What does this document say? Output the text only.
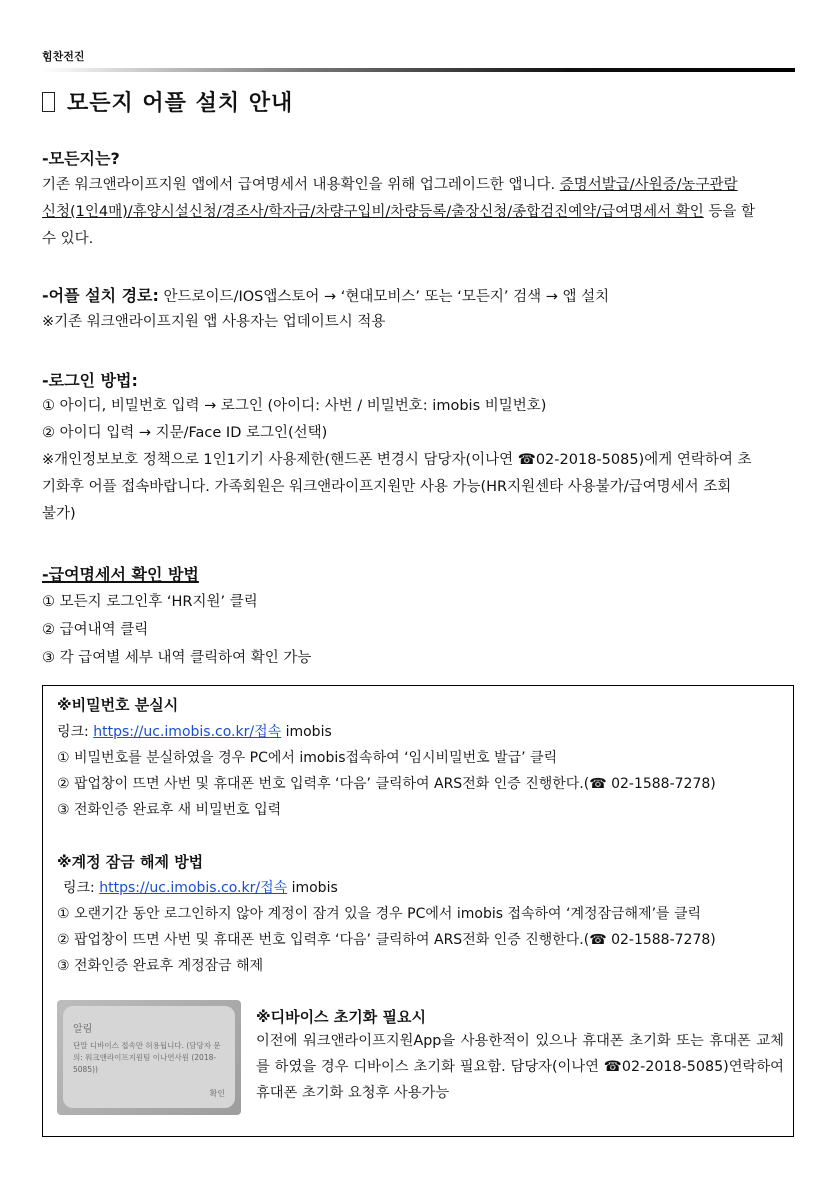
힘찬전진
모든지 어플 설치 안내
-모든지는?
기존 워크앤라이프지원 앱에서 급여명세서 내용확인을 위해 업그레이드한 앱니다. 증명서발급/사원증/농구관람
신청(1인4매)/휴양시설신청/경조사/학자금/차량구입비/차량등록/출장신청/종합검진예약/급여명세서 확인 등을 할
수 있다.
-어플 설치 경로: 안드로이드/IOS앱스토어 → ‘현대모비스’ 또는 ‘모든지’ 검색 → 앱 설치
※기존 워크앤라이프지원 앱 사용자는 업데이트시 적용
-로그인 방법:
① 아이디, 비밀번호 입력 → 로그인 (아이디: 사번 / 비밀번호: imobis 비밀번호)
② 아이디 입력 → 지문/Face ID 로그인(선택)
※개인정보보호 정책으로 1인1기기 사용제한(핸드폰 변경시 담당자(이나연 ☎02-2018-5085)에게 연락하여 초
기화후 어플 접속바랍니다. 가족회원은 워크앤라이프지원만 사용 가능(HR지원센타 사용불가/급여명세서 조회
불가)
-급여명세서 확인 방법
① 모든지 로그인후 ‘HR지원’ 클릭
② 급여내역 클릭
③ 각 급여별 세부 내역 클릭하여 확인 가능
※비밀번호 분실시
링크: https://uc.imobis.co.kr/접속 imobis
① 비밀번호를 분실하였을 경우 PC에서 imobis접속하여 ‘임시비밀번호 발급’ 클릭
② 팝업창이 뜨면 사번 및 휴대폰 번호 입력후 ‘다음’ 클릭하여 ARS전화 인증 진행한다.(☎ 02-1588-7278)
③ 전화인증 완료후 새 비밀번호 입력
※계정 잠금 해제 방법
링크: https://uc.imobis.co.kr/접속 imobis
① 오랜기간 동안 로그인하지 않아 계정이 잠겨 있을 경우 PC에서 imobis 접속하여 ‘계정잠금해제’를 클릭
② 팝업창이 뜨면 사번 및 휴대폰 번호 입력후 ‘다음’ 클릭하여 ARS전화 인증 진행한다.(☎ 02-1588-7278)
③ 전화인증 완료후 계정잠금 해제
알림
단말 디바이스 접속만 허용됩니다. (담당자 문의: 워크앤라이프지원팀 이나연사원 (2018-5085))
확인
※디바이스 초기화 필요시
이전에 워크앤라이프지원App을 사용한적이 있으나 휴대폰 초기화 또는 휴대폰 교체를 하였을 경우 디바이스 초기화 필요함. 담당자(이나연 ☎02-2018-5085)연락하여 휴대폰 초기화 요청후 사용가능
